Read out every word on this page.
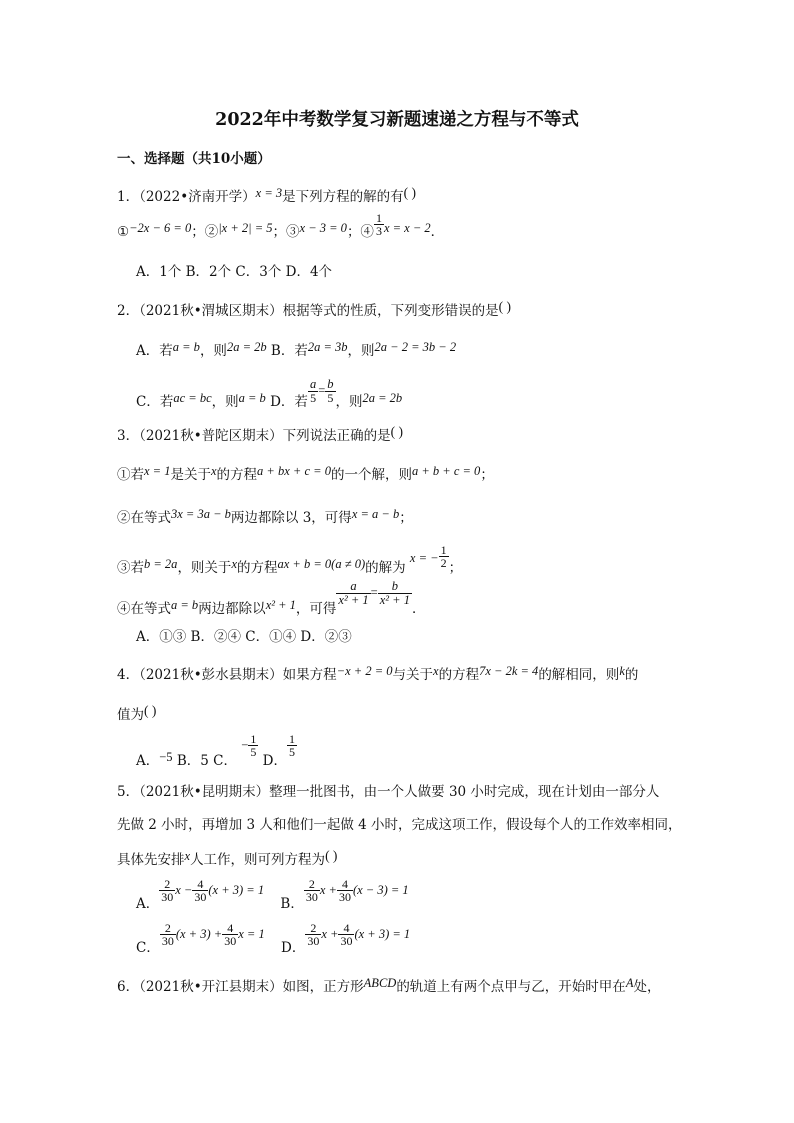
2022年中考数学复习新题速递之方程与不等式
一、选择题（共10小题）
1．（2022•济南开学）x = 3是下列方程的解的有( )
①−2x − 6 = 0；②|x + 2| = 5；③x − 3 = 0；④ $\frac{1}{3}$ x = x − 2．
A．1个 B．2个 C．3个 D．4个
2．（2021秋•渭城区期末）根据等式的性质，下列变形错误的是( )
A．若a = b，则2a = 2b B．若2a = 3b，则2a − 2 = 3b − 2
C．若ac = bc，则a = b D．若 $\frac{a}{5} = \frac{b}{5}$ ，则2a = 2b
3．（2021秋•普陀区期末）下列说法正确的是( )
①若x = 1是关于x的方程a + bx + c = 0的一个解，则a + b + c = 0；
②在等式3x = 3a − b两边都除以 3，可得x = a − b；
③若b = 2a，则关于x的方程ax + b = 0(a ≠ 0)的解为 x = − $\frac{1}{2}$ ；
④在等式a = b两边都除以x² + 1，可得
$\frac{a}{\text{x² + 1}} = \frac{b}{\text{x² + 1}}$
．
A．①③ B．②④ C．①④ D．②③
4．（2021秋•彭水县期末）如果方程−x + 2 = 0与关于x的方程7x − 2k = 4的解相同，则k的
值为( )
A．−5 B．5 C． − $\frac{1}{5}$
D．
$\frac{1}{5}$
5．（2021秋•昆明期末）整理一批图书，由一个人做要 30 小时完成，现在计划由一部分人
先做 2 小时，再增加 3 人和他们一起做 4 小时，完成这项工作，假设每个人的工作效率相同，
具体先安排x人工作，则可列方程为( )
A．
$\frac{2}{30}$ $x - \frac{4}{30} (x + 3) = 1$ B．
$\frac{2}{30}$ $x + \frac{4}{30} (x - 3) = 1$
C．
$\frac{2}{30} (x + 3) + \frac{4}{30}$ x = 1 D．
$\frac{2}{30}$ $x + \frac{4}{30} (x + 3) = 1$
6．（2021秋•开江县期末）如图，正方形ABCD的轨道上有两个点甲与乙，开始时甲在A处，
